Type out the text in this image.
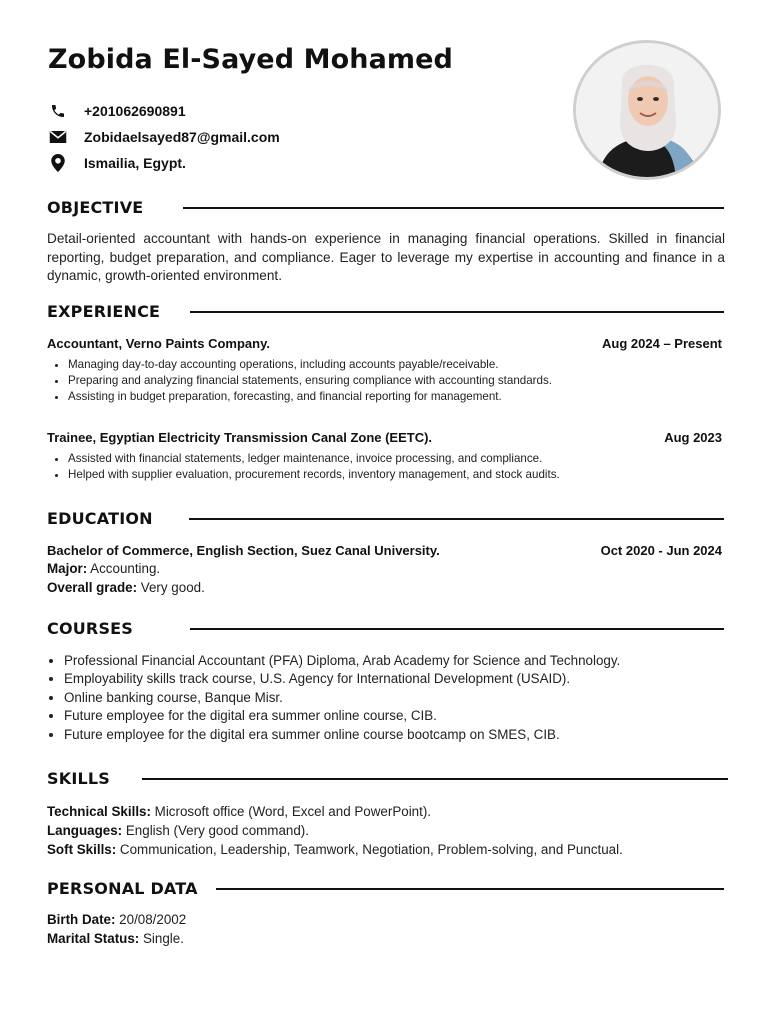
Zobida El-Sayed Mohamed
+201062690891
Zobidaelsayed87@gmail.com
Ismailia, Egypt.
OBJECTIVE

Detail-oriented accountant with hands-on experience in managing financial operations. Skilled in financial reporting, budget preparation, and compliance. Eager to leverage my expertise in accounting and finance in a dynamic, growth-oriented environment.

EXPERIENCE
Accountant, Verno Paints Company.	Aug 2024 – Present
• Managing day-to-day accounting operations, including accounts payable/receivable.
• Preparing and analyzing financial statements, ensuring compliance with accounting standards.
• Assisting in budget preparation, forecasting, and financial reporting for management.
Trainee, Egyptian Electricity Transmission Canal Zone (EETC).	Aug 2023
• Assisted with financial statements, ledger maintenance, invoice processing, and compliance.
• Helped with supplier evaluation, procurement records, inventory management, and stock audits.
EDUCATION
Bachelor of Commerce, English Section, Suez Canal University.	Oct 2020 - Jun 2024
Major: Accounting.
Overall grade: Very good.
COURSES
• Professional Financial Accountant (PFA) Diploma, Arab Academy for Science and Technology.
• Employability skills track course, U.S. Agency for International Development (USAID).
• Online banking course, Banque Misr.
• Future employee for the digital era summer online course, CIB.
• Future employee for the digital era summer online course bootcamp on SMES, CIB.
SKILLS
Technical Skills: Microsoft office (Word, Excel and PowerPoint).
Languages: English (Very good command).
Soft Skills: Communication, Leadership, Teamwork, Negotiation, Problem-solving, and Punctual.
PERSONAL DATA
Birth Date: 20/08/2002
Marital Status: Single.
